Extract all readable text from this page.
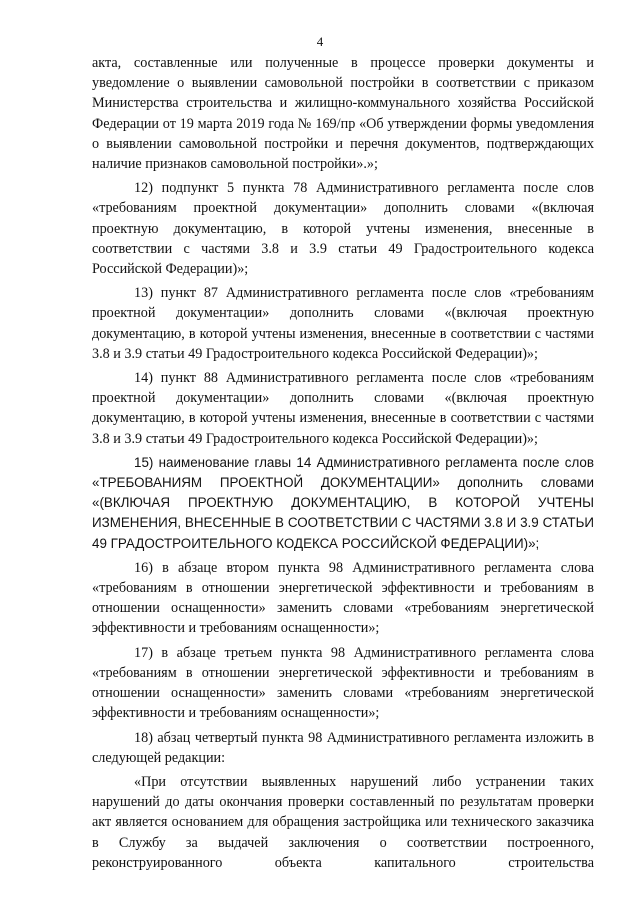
4

акта, составленные или полученные в процессе проверки документы и уведомление о выявлении самовольной постройки в соответствии с приказом Министерства строительства и жилищно-коммунального хозяйства Российской Федерации от 19 марта 2019 года № 169/пр «Об утверждении формы уведомления о выявлении самовольной постройки и перечня документов, подтверждающих наличие признаков самовольной постройки».»;

12) подпункт 5 пункта 78 Административного регламента после слов «требованиям проектной документации» дополнить словами «(включая проектную документацию, в которой учтены изменения, внесенные в соответствии с частями 3.8 и 3.9 статьи 49 Градостроительного кодекса Российской Федерации)»;

13) пункт 87 Административного регламента после слов «требованиям проектной документации» дополнить словами «(включая проектную документацию, в которой учтены изменения, внесенные в соответствии с частями 3.8 и 3.9 статьи 49 Градостроительного кодекса Российской Федерации)»;

14) пункт 88 Административного регламента после слов «требованиям проектной документации» дополнить словами «(включая проектную документацию, в которой учтены изменения, внесенные в соответствии с частями 3.8 и 3.9 статьи 49 Градостроительного кодекса Российской Федерации)»;

15) наименование главы 14 Административного регламента после слов «ТРЕБОВАНИЯМ ПРОЕКТНОЙ ДОКУМЕНТАЦИИ» дополнить словами «(ВКЛЮЧАЯ ПРОЕКТНУЮ ДОКУМЕНТАЦИЮ, В КОТОРОЙ УЧТЕНЫ ИЗМЕНЕНИЯ, ВНЕСЕННЫЕ В СООТВЕТСТВИИ С ЧАСТЯМИ 3.8 И 3.9 СТАТЬИ 49 ГРАДОСТРОИТЕЛЬНОГО КОДЕКСА РОССИЙСКОЙ ФЕДЕРАЦИИ)»;

16) в абзаце втором пункта 98 Административного регламента слова «требованиям в отношении энергетической эффективности и требованиям в отношении оснащенности» заменить словами «требованиям энергетической эффективности и требованиям оснащенности»;

17) в абзаце третьем пункта 98 Административного регламента слова «требованиям в отношении энергетической эффективности и требованиям в отношении оснащенности» заменить словами «требованиям энергетической эффективности и требованиям оснащенности»;

18) абзац четвертый пункта 98 Административного регламента изложить в следующей редакции:

«При отсутствии выявленных нарушений либо устранении таких нарушений до даты окончания проверки составленный по результатам проверки акт является основанием для обращения застройщика или технического заказчика в Службу за выдачей заключения о соответствии построенного, реконструированного объекта капитального строительства
